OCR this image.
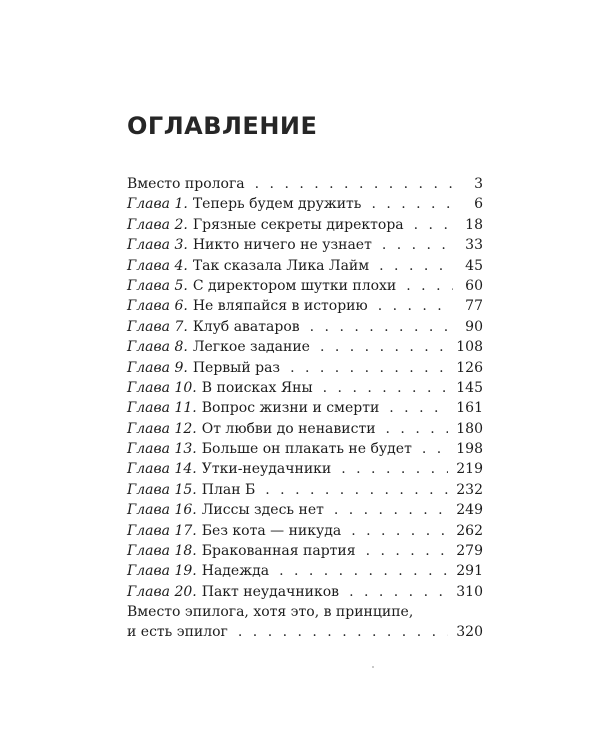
ОГЛАВЛЕНИЕ
Вместо пролога . . .	3
Глава 1. Теперь будем дружить . . .	6
Глава 2. Грязные секреты директора . . .	18
Глава 3. Никто ничего не узнает . . .	33
Глава 4. Так сказала Лика Лайм . . .	45
Глава 5. С директором шутки плохи . . .	60
Глава 6. Не вляпайся в историю . . .	77
Глава 7. Клуб аватаров . . .	90
Глава 8. Легкое задание . . .	108
Глава 9. Первый раз . . .	126
Глава 10. В поисках Яны . . .	145
Глава 11. Вопрос жизни и смерти . . .	161
Глава 12. От любви до ненависти . . .	180
Глава 13. Больше он плакать не будет . . .	198
Глава 14. Утки-неудачники . . .	219
Глава 15. План Б . . .	232
Глава 16. Лиссы здесь нет . . .	249
Глава 17. Без кота — никуда . . .	262
Глава 18. Бракованная партия . . .	279
Глава 19. Надежда . . .	291
Глава 20. Пакт неудачников . . .	310
Вместо эпилога, хотя это, в принципе,
и есть эпилог . . .	320
